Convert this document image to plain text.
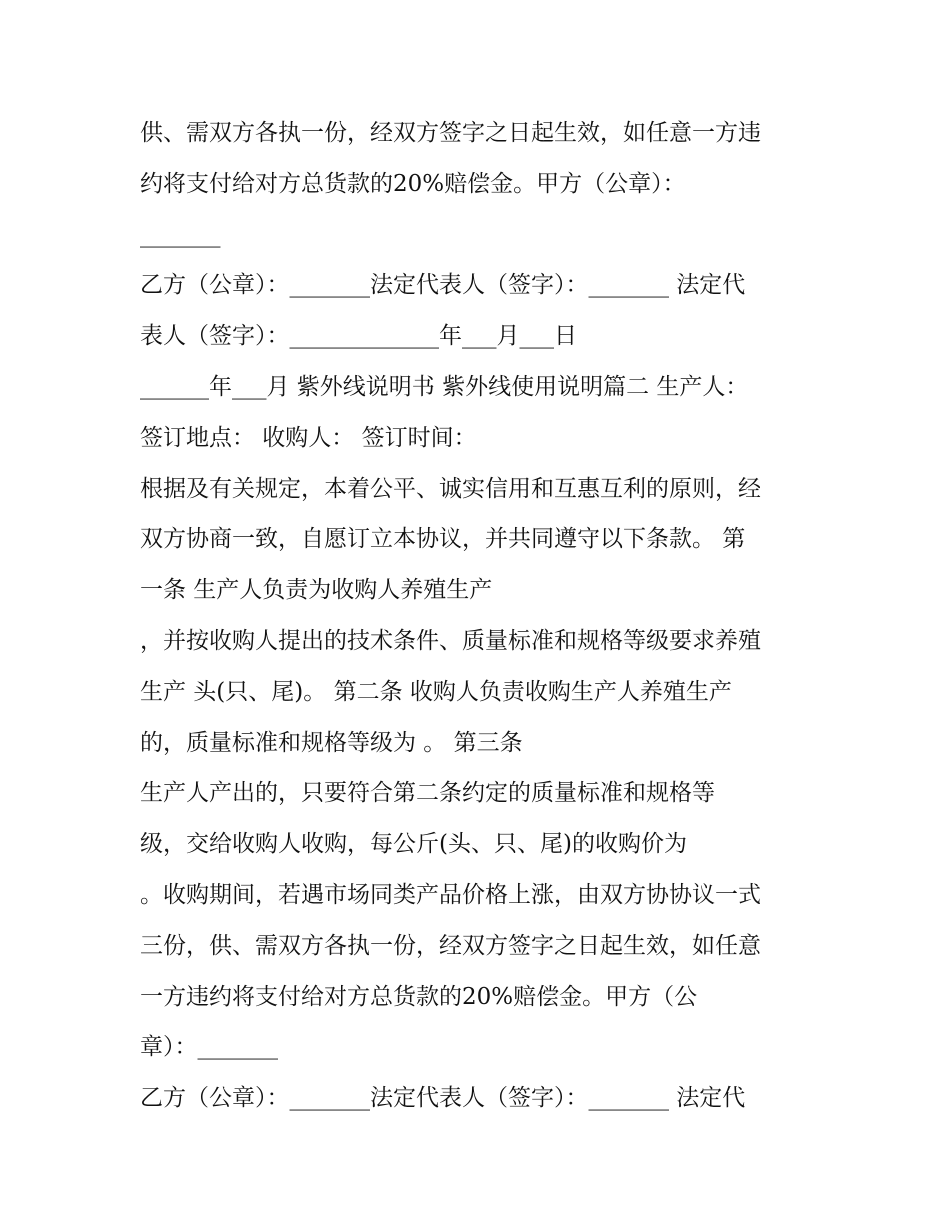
供、需双方各执一份，经双方签字之日起生效，如任意一方违
约将支付给对方总货款的20%赔偿金。甲方（公章）：
_______
乙方（公章）：_______法定代表人（签字）：_______ 法定代
表人（签字）：_____________年___月___日
______年___月 紫外线说明书 紫外线使用说明篇二 生产人：
签订地点： 收购人： 签订时间：
根据及有关规定，本着公平、诚实信用和互惠互利的原则，经
双方协商一致，自愿订立本协议，并共同遵守以下条款。 第
一条 生产人负责为收购人养殖生产
，并按收购人提出的技术条件、质量标准和规格等级要求养殖
生产 头(只、尾)。 第二条 收购人负责收购生产人养殖生产
的，质量标准和规格等级为 。 第三条
生产人产出的，只要符合第二条约定的质量标准和规格等
级，交给收购人收购，每公斤(头、只、尾)的收购价为
。收购期间，若遇市场同类产品价格上涨，由双方协协议一式
三份，供、需双方各执一份，经双方签字之日起生效，如任意
一方违约将支付给对方总货款的20%赔偿金。甲方（公
章）：_______
乙方（公章）：_______法定代表人（签字）：_______ 法定代
